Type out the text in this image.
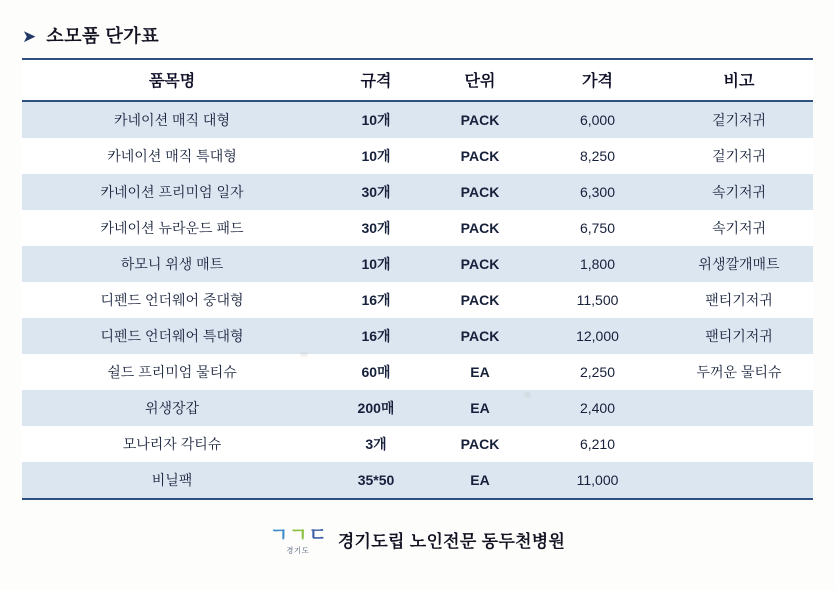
➤ 소모품 단가표
품목명	규격	단위	가격	비고
카네이션 매직 대형	10개	PACK	6,000	겉기저귀
카네이션 매직 특대형	10개	PACK	8,250	겉기저귀
카네이션 프리미엄 일자	30개	PACK	6,300	속기저귀
카네이션 뉴라운드 패드	30개	PACK	6,750	속기저귀
하모니 위생 매트	10개	PACK	1,800	위생깔개매트
디펜드 언더웨어 중대형	16개	PACK	11,500	팬티기저귀
디펜드 언더웨어 특대형	16개	PACK	12,000	팬티기저귀
쉴드 프리미엄 물티슈	60매	EA	2,250	두꺼운 물티슈
위생장갑	200매	EA	2,400	
모나리자 각티슈	3개	PACK	6,210	
비닐팩	35*50	EA	11,000	
ㄱ ㄱ ㄷ
경기도 경기도립 노인전문 동두천병원
